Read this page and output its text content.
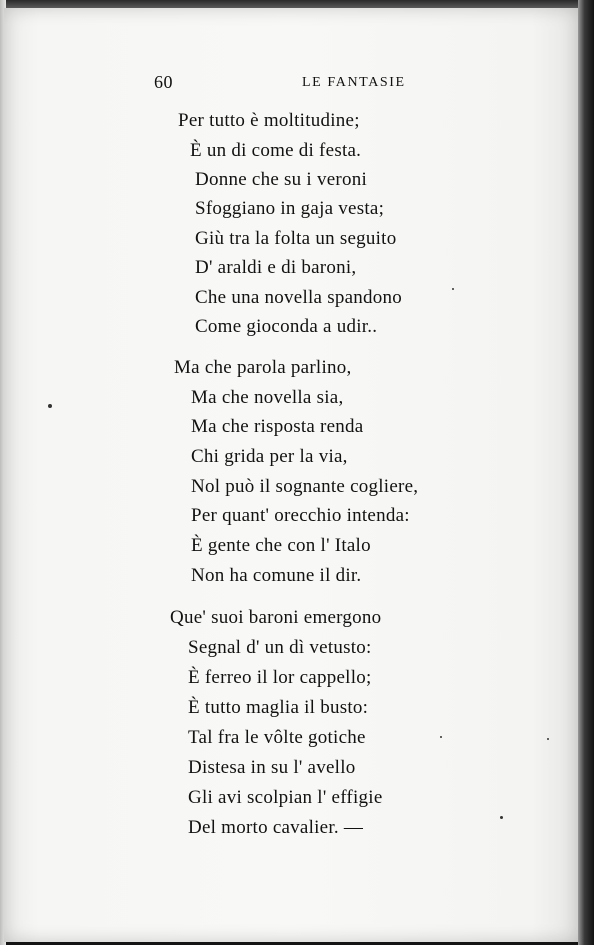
60	LE FANTASIE
Per tutto è moltitudine;
È un di come di festa.
Donne che su i veroni
Sfoggiano in gaja vesta;
Giù tra la folta un seguito
D' araldi e di baroni,
Che una novella spandono
Come gioconda a udir..
Ma che parola parlino,
Ma che novella sia,
Ma che risposta renda
Chi grida per la via,
Nol può il sognante cogliere,
Per quant' orecchio intenda:
È gente che con l' Italo
Non ha comune il dir.
Que' suoi baroni emergono
Segnal d' un dì vetusto:
È ferreo il lor cappello;
È tutto maglia il busto:
Tal fra le vôlte gotiche
Distesa in su l' avello
Gli avi scolpian l' effigie
Del morto cavalier. —
